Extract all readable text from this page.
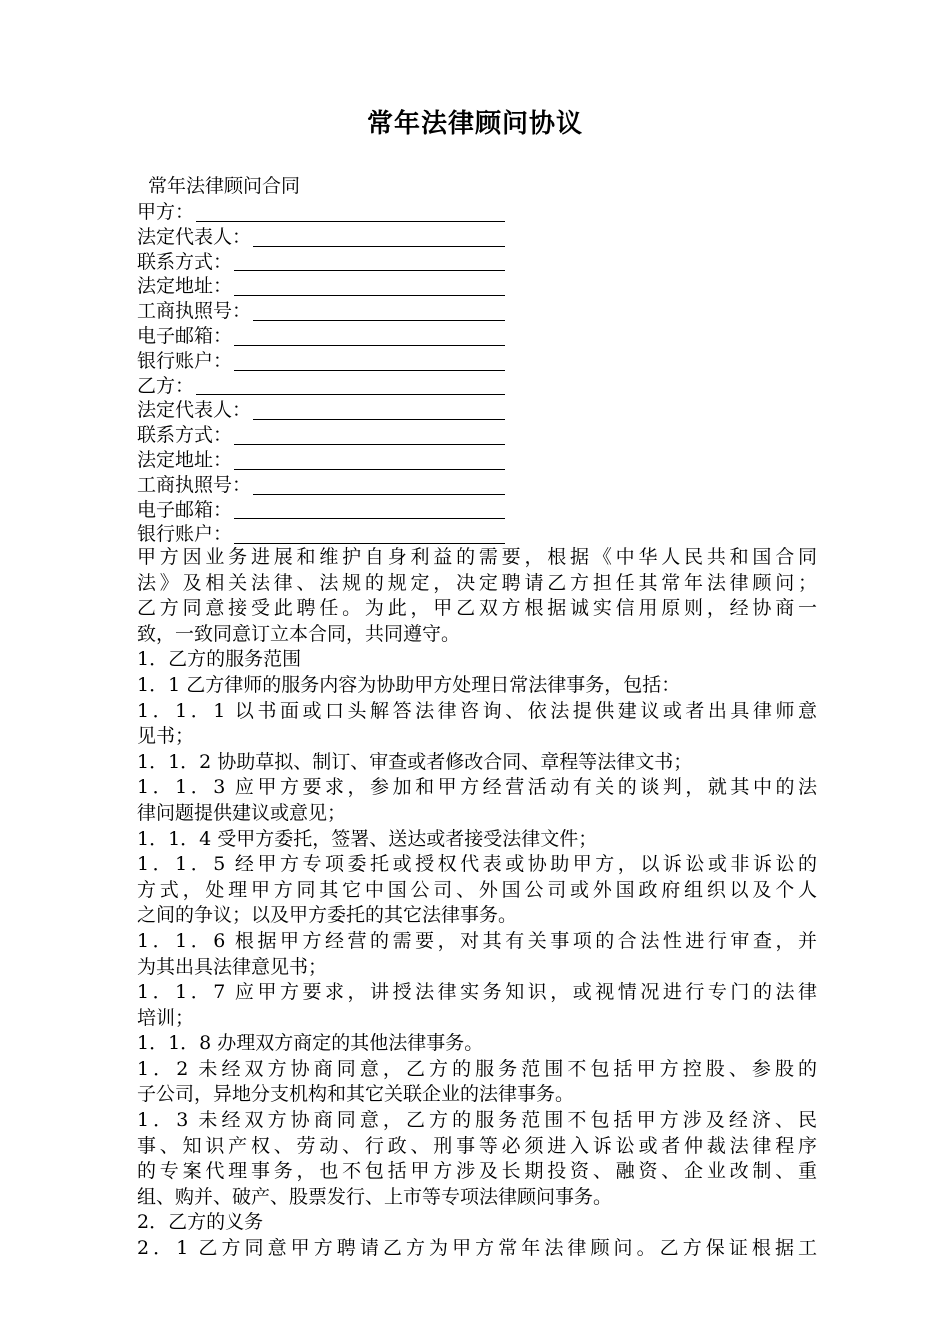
常年法律顾问协议
常年法律顾问合同
甲方：
法定代表人：
联系方式：
法定地址：
工商执照号：
电子邮箱：
银行账户：
乙方：
法定代表人：
联系方式：
法定地址：
工商执照号：
电子邮箱：
银行账户：
甲方因业务进展和维护自身利益的需要，根据《中华人民共和国合同
法》及相关法律、法规的规定，决定聘请乙方担任其常年法律顾问；
乙方同意接受此聘任。为此，甲乙双方根据诚实信用原则，经协商一
致，一致同意订立本合同，共同遵守。
1．乙方的服务范围
1．1 乙方律师的服务内容为协助甲方处理日常法律事务，包括：
1．1．1 以书面或口头解答法律咨询、依法提供建议或者出具律师意
见书；
1．1．2 协助草拟、制订、审查或者修改合同、章程等法律文书；
1．1．3 应甲方要求，参加和甲方经营活动有关的谈判，就其中的法
律问题提供建议或意见；
1．1．4 受甲方委托，签署、送达或者接受法律文件；
1．1．5 经甲方专项委托或授权代表或协助甲方，以诉讼或非诉讼的
方式，处理甲方同其它中国公司、外国公司或外国政府组织以及个人
之间的争议；以及甲方委托的其它法律事务。
1．1．6 根据甲方经营的需要，对其有关事项的合法性进行审查，并
为其出具法律意见书；
1．1．7 应甲方要求，讲授法律实务知识，或视情况进行专门的法律
培训；
1．1．8 办理双方商定的其他法律事务。
1．2 未经双方协商同意，乙方的服务范围不包括甲方控股、参股的
子公司，异地分支机构和其它关联企业的法律事务。
1．3 未经双方协商同意，乙方的服务范围不包括甲方涉及经济、民
事、知识产权、劳动、行政、刑事等必须进入诉讼或者仲裁法律程序
的专案代理事务，也不包括甲方涉及长期投资、融资、企业改制、重
组、购并、破产、股票发行、上市等专项法律顾问事务。
2．乙方的义务
2．1 乙方同意甲方聘请乙方为甲方常年法律顾问。乙方保证根据工
